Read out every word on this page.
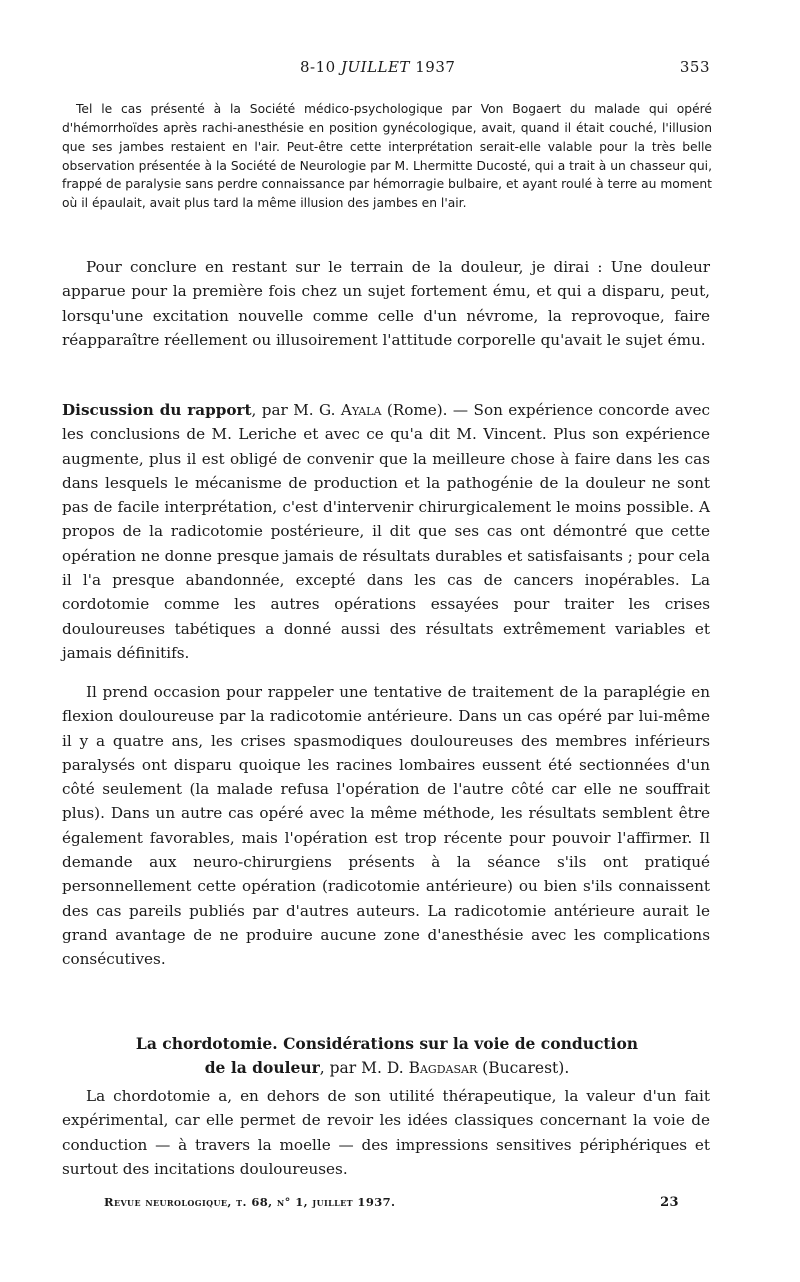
8-10 JUILLET 1937	353

Tel le cas présenté à la Société médico-psychologique par Von Bogaert du malade qui opéré d'hémorrhoïdes après rachi-anesthésie en position gynécologique, avait, quand il était couché, l'illusion que ses jambes restaient en l'air. Peut-être cette interprétation serait-elle valable pour la très belle observation présentée à la Société de Neurologie par M. Lhermitte Ducosté, qui a trait à un chasseur qui, frappé de paralysie sans perdre connaissance par hémorragie bulbaire, et ayant roulé à terre au moment où il épaulait, avait plus tard la même illusion des jambes en l'air.

Pour conclure en restant sur le terrain de la douleur, je dirai : Une douleur apparue pour la première fois chez un sujet fortement ému, et qui a disparu, peut, lorsqu'une excitation nouvelle comme celle d'un névrome, la reprovoque, faire réapparaître réellement ou illusoirement l'attitude corporelle qu'avait le sujet ému.

Discussion du rapport, par M. G. Ayala (Rome). — Son expérience concorde avec les conclusions de M. Leriche et avec ce qu'a dit M. Vincent. Plus son expérience augmente, plus il est obligé de convenir que la meilleure chose à faire dans les cas dans lesquels le mécanisme de production et la pathogénie de la douleur ne sont pas de facile interprétation, c'est d'intervenir chirurgicalement le moins possible. A propos de la radicotomie postérieure, il dit que ses cas ont démontré que cette opération ne donne presque jamais de résultats durables et satisfaisants ; pour cela il l'a presque abandonnée, excepté dans les cas de cancers inopérables. La cordotomie comme les autres opérations essayées pour traiter les crises douloureuses tabétiques a donné aussi des résultats extrêmement variables et jamais définitifs.

Il prend occasion pour rappeler une tentative de traitement de la paraplégie en flexion douloureuse par la radicotomie antérieure. Dans un cas opéré par lui-même il y a quatre ans, les crises spasmodiques douloureuses des membres inférieurs paralysés ont disparu quoique les racines lombaires eussent été sectionnées d'un côté seulement (la malade refusa l'opération de l'autre côté car elle ne souffrait plus). Dans un autre cas opéré avec la même méthode, les résultats semblent être également favorables, mais l'opération est trop récente pour pouvoir l'affirmer. Il demande aux neuro-chirurgiens présents à la séance s'ils ont pratiqué personnellement cette opération (radicotomie antérieure) ou bien s'ils connaissent des cas pareils publiés par d'autres auteurs. La radicotomie antérieure aurait le grand avantage de ne produire aucune zone d'anesthésie avec les complications consécutives.

La chordotomie. Considérations sur la voie de conduction
de la douleur, par M. D. Bagdasar (Bucarest).

La chordotomie a, en dehors de son utilité thérapeutique, la valeur d'un fait expérimental, car elle permet de revoir les idées classiques concernant la voie de conduction — à travers la moelle — des impressions sensitives périphériques et surtout des incitations douloureuses.

Revue neurologique, t. 68, n° 1, juillet 1937.	23
